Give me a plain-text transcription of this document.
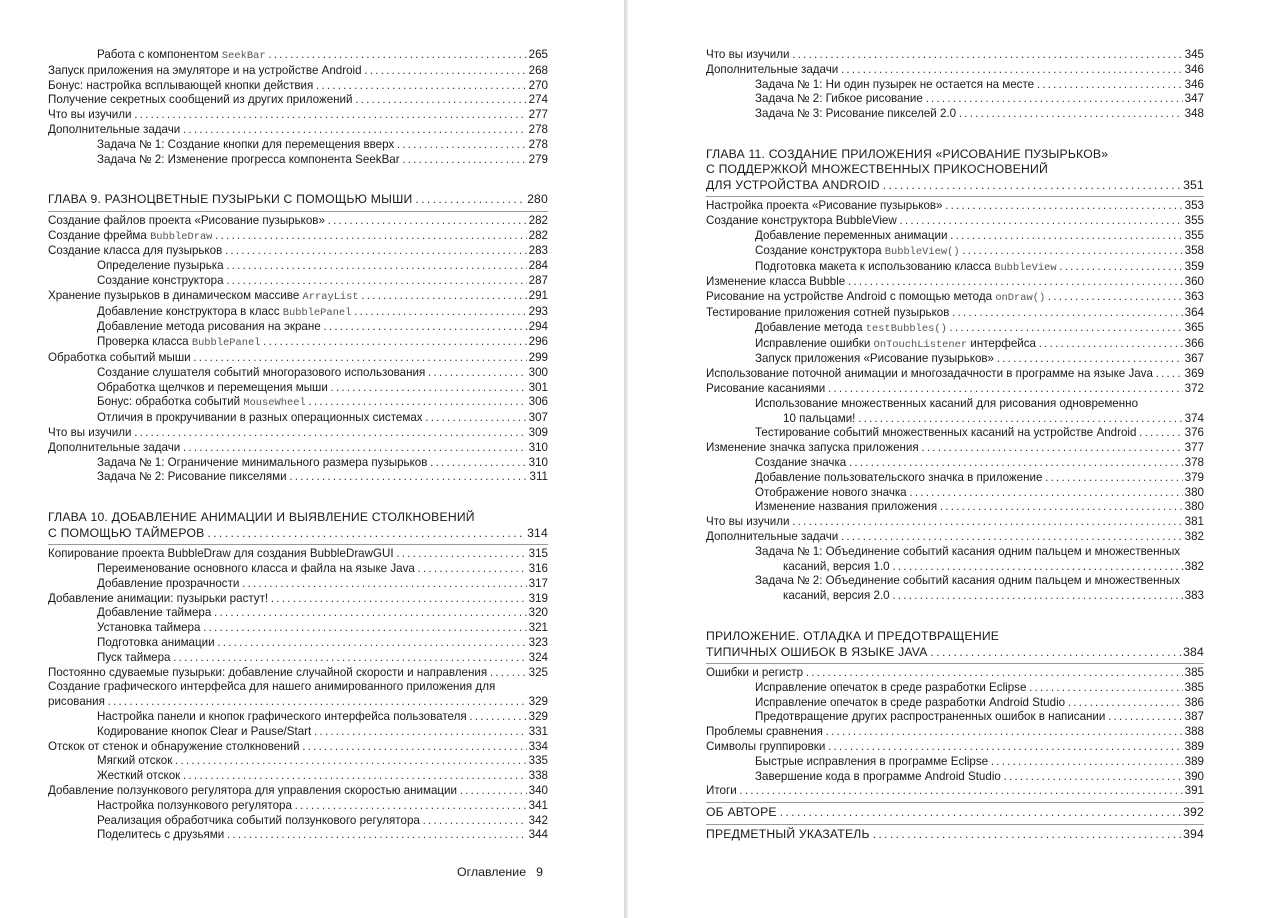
Работа с компонентом SeekBar . . .	265
Запуск приложения на эмуляторе и на устройстве Android . . .	268
Бонус: настройка всплывающей кнопки действия . . .	270
Получение секретных сообщений из других приложений . . .	274
Что вы изучили . . .	277
Дополнительные задачи . . .	278
Задача № 1: Создание кнопки для перемещения вверх . . .	278
Задача № 2: Изменение прогресса компонента SeekBar . . .	279
ГЛАВА 9. РАЗНОЦВЕТНЫЕ ПУЗЫРЬКИ С ПОМОЩЬЮ МЫШИ . . .	280
Создание файлов проекта «Рисование пузырьков» . . .	282
Создание фрейма BubbleDraw . . .	282
Создание класса для пузырьков . . .	283
Определение пузырька . . .	284
Создание конструктора . . .	287
Хранение пузырьков в динамическом массиве ArrayList . . .	291
Добавление конструктора в класс BubblePanel . . .	293
Добавление метода рисования на экране . . .	294
Проверка класса BubblePanel . . .	296
Обработка событий мыши . . .	299
Создание слушателя событий многоразового использования . . .	300
Обработка щелчков и перемещения мыши . . .	301
Бонус: обработка событий MouseWheel . . .	306
Отличия в прокручивании в разных операционных системах . . .	307
Что вы изучили . . .	309
Дополнительные задачи . . .	310
Задача № 1: Ограничение минимального размера пузырьков . . .	310
Задача № 2: Рисование пикселями . . .	311
ГЛАВА 10. ДОБАВЛЕНИЕ АНИМАЦИИ И ВЫЯВЛЕНИЕ СТОЛКНОВЕНИЙ
С ПОМОЩЬЮ ТАЙМЕРОВ . . .	314
Копирование проекта BubbleDraw для создания BubbleDrawGUI . . .	315
Переименование основного класса и файла на языке Java . . .	316
Добавление прозрачности . . .	317
Добавление анимации: пузырьки растут! . . .	319
Добавление таймера . . .	320
Установка таймера . . .	321
Подготовка анимации . . .	323
Пуск таймера . . .	324
Постоянно сдуваемые пузырьки: добавление случайной скорости и направления . . .	325
Создание графического интерфейса для нашего анимированного приложения для
рисования . . .	329
Настройка панели и кнопок графического интерфейса пользователя . . .	329
Кодирование кнопок Clear и Pause/Start . . .	331
Отскок от стенок и обнаружение столкновений . . .	334
Мягкий отскок . . .	335
Жесткий отскок . . .	338
Добавление ползункового регулятора для управления скоростью анимации . . .	340
Настройка ползункового регулятора . . .	341
Реализация обработчика событий ползункового регулятора . . .	342
Поделитесь с друзьями . . .	344
Оглавление 9
Что вы изучили . . .	345
Дополнительные задачи . . .	346
Задача № 1: Ни один пузырек не остается на месте . . .	346
Задача № 2: Гибкое рисование . . .	347
Задача № 3: Рисование пикселей 2.0 . . .	348
ГЛАВА 11. СОЗДАНИЕ ПРИЛОЖЕНИЯ «РИСОВАНИЕ ПУЗЫРЬКОВ»
С ПОДДЕРЖКОЙ МНОЖЕСТВЕННЫХ ПРИКОСНОВЕНИЙ
ДЛЯ УСТРОЙСТВА ANDROID . . .	351
Настройка проекта «Рисование пузырьков» . . .	353
Создание конструктора BubbleView . . .	355
Добавление переменных анимации . . .	355
Создание конструктора BubbleView() . . .	358
Подготовка макета к использованию класса BubbleView . . .	359
Изменение класса Bubble . . .	360
Рисование на устройстве Android с помощью метода onDraw() . . .	363
Тестирование приложения сотней пузырьков . . .	364
Добавление метода testBubbles() . . .	365
Исправление ошибки OnTouchListener интерфейса . . .	366
Запуск приложения «Рисование пузырьков» . . .	367
Использование поточной анимации и многозадачности в программе на языке Java . . .	369
Рисование касаниями . . .	372
Использование множественных касаний для рисования одновременно
10 пальцами! . . .	374
Тестирование событий множественных касаний на устройстве Android . . .	376
Изменение значка запуска приложения . . .	377
Создание значка . . .	378
Добавление пользовательского значка в приложение . . .	379
Отображение нового значка . . .	380
Изменение названия приложения . . .	380
Что вы изучили . . .	381
Дополнительные задачи . . .	382
Задача № 1: Объединение событий касания одним пальцем и множественных
касаний, версия 1.0 . . .	382
Задача № 2: Объединение событий касания одним пальцем и множественных
касаний, версия 2.0 . . .	383
ПРИЛОЖЕНИЕ. ОТЛАДКА И ПРЕДОТВРАЩЕНИЕ
ТИПИЧНЫХ ОШИБОК В ЯЗЫКЕ JAVA . . .	384
Ошибки и регистр . . .	385
Исправление опечаток в среде разработки Eclipse . . .	385
Исправление опечаток в среде разработки Android Studio . . .	386
Предотвращение других распространенных ошибок в написании . . .	387
Проблемы сравнения . . .	388
Символы группировки . . .	389
Быстрые исправления в программе Eclipse . . .	389
Завершение кода в программе Android Studio . . .	390
Итоги . . .	391
ОБ АВТОРЕ . . .	392
ПРЕДМЕТНЫЙ УКАЗАТЕЛЬ . . .	394
